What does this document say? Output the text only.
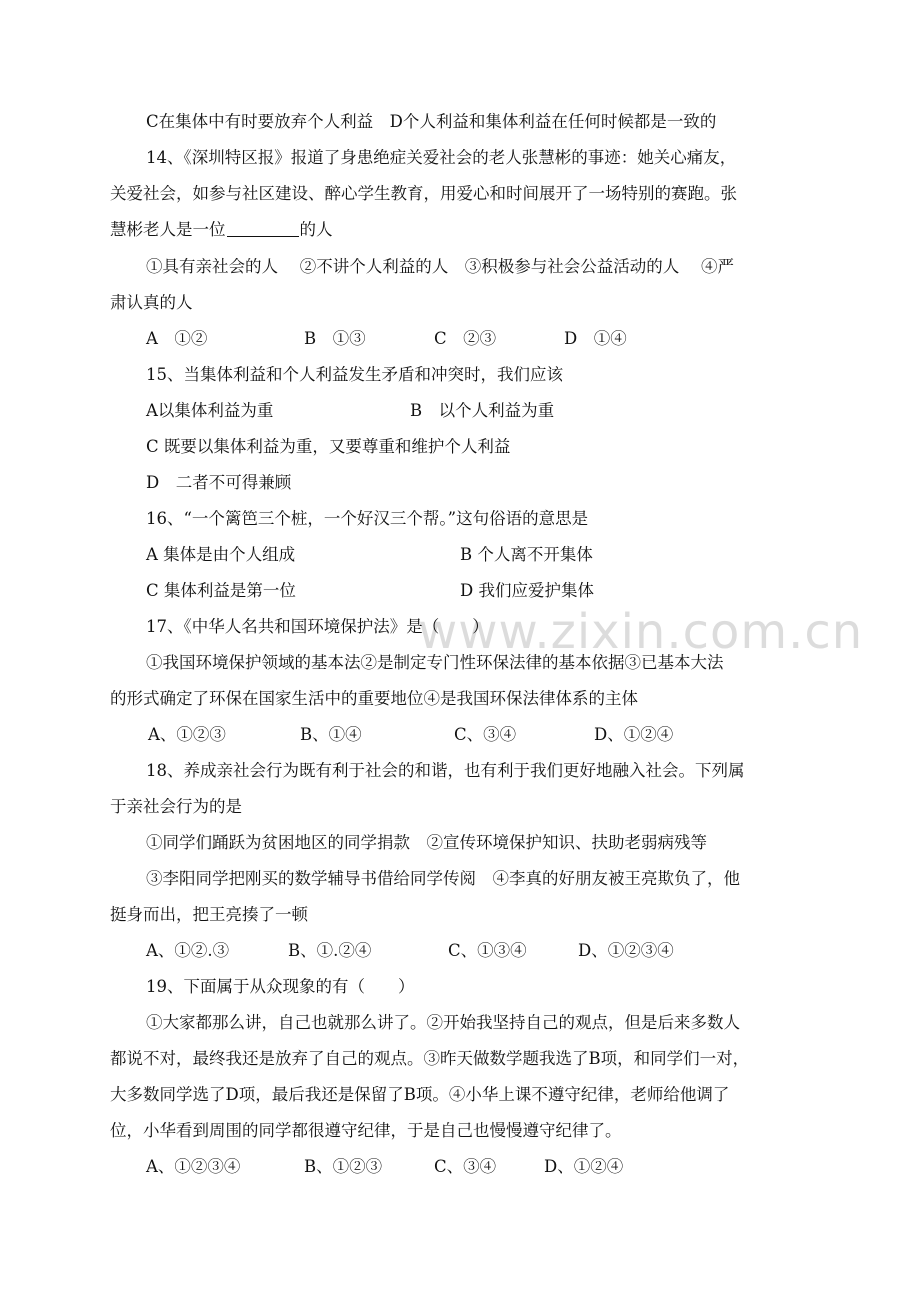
www.zixin.com.cn
C在集体中有时要放弃个人利益　D个人利益和集体利益在任何时候都是一致的
14、《深圳特区报》报道了身患绝症关爱社会的老人张慧彬的事迹：她关心痛友，
关爱社会，如参与社区建设、醉心学生教育，用爱心和时间展开了一场特别的赛跑。张
慧彬老人是一位	的人
①具有亲社会的人　 ②不讲个人利益的人　③积极参与社会公益活动的人　 ④严
肃认真的人
A　①②	B　①③	C　②③	D　①④
15、当集体利益和个人利益发生矛盾和冲突时，我们应该
A以集体利益为重	B　以个人利益为重
C 既要以集体利益为重，又要尊重和维护个人利益
D　二者不可得兼顾
16、“一个篱笆三个桩，一个好汉三个帮。”这句俗语的意思是
A 集体是由个人组成	B 个人离不开集体
C 集体利益是第一位	D 我们应爱护集体
17、《中华人名共和国环境保护法》是（　　）
①我国环境保护领域的基本法②是制定专门性环保法律的基本依据③已基本大法
的形式确定了环保在国家生活中的重要地位④是我国环保法律体系的主体
A、①②③	B、①④	C、③④	D、①②④
18、养成亲社会行为既有利于社会的和谐，也有利于我们更好地融入社会。下列属
于亲社会行为的是
①同学们踊跃为贫困地区的同学捐款　②宣传环境保护知识、扶助老弱病残等
③李阳同学把刚买的数学辅导书借给同学传阅　④李真的好朋友被王亮欺负了，他
挺身而出，把王亮揍了一顿
A、①②.③	B、①.②④	C、①③④	D、①②③④
19、下面属于从众现象的有（　　）
①大家都那么讲，自己也就那么讲了。②开始我坚持自己的观点，但是后来多数人
都说不对，最终我还是放弃了自己的观点。③昨天做数学题我选了B项，和同学们一对，
大多数同学选了D项，最后我还是保留了B项。④小华上课不遵守纪律，老师给他调了
位，小华看到周围的同学都很遵守纪律，于是自己也慢慢遵守纪律了。
A、①②③④	B、①②③	C、③④	D、①②④
